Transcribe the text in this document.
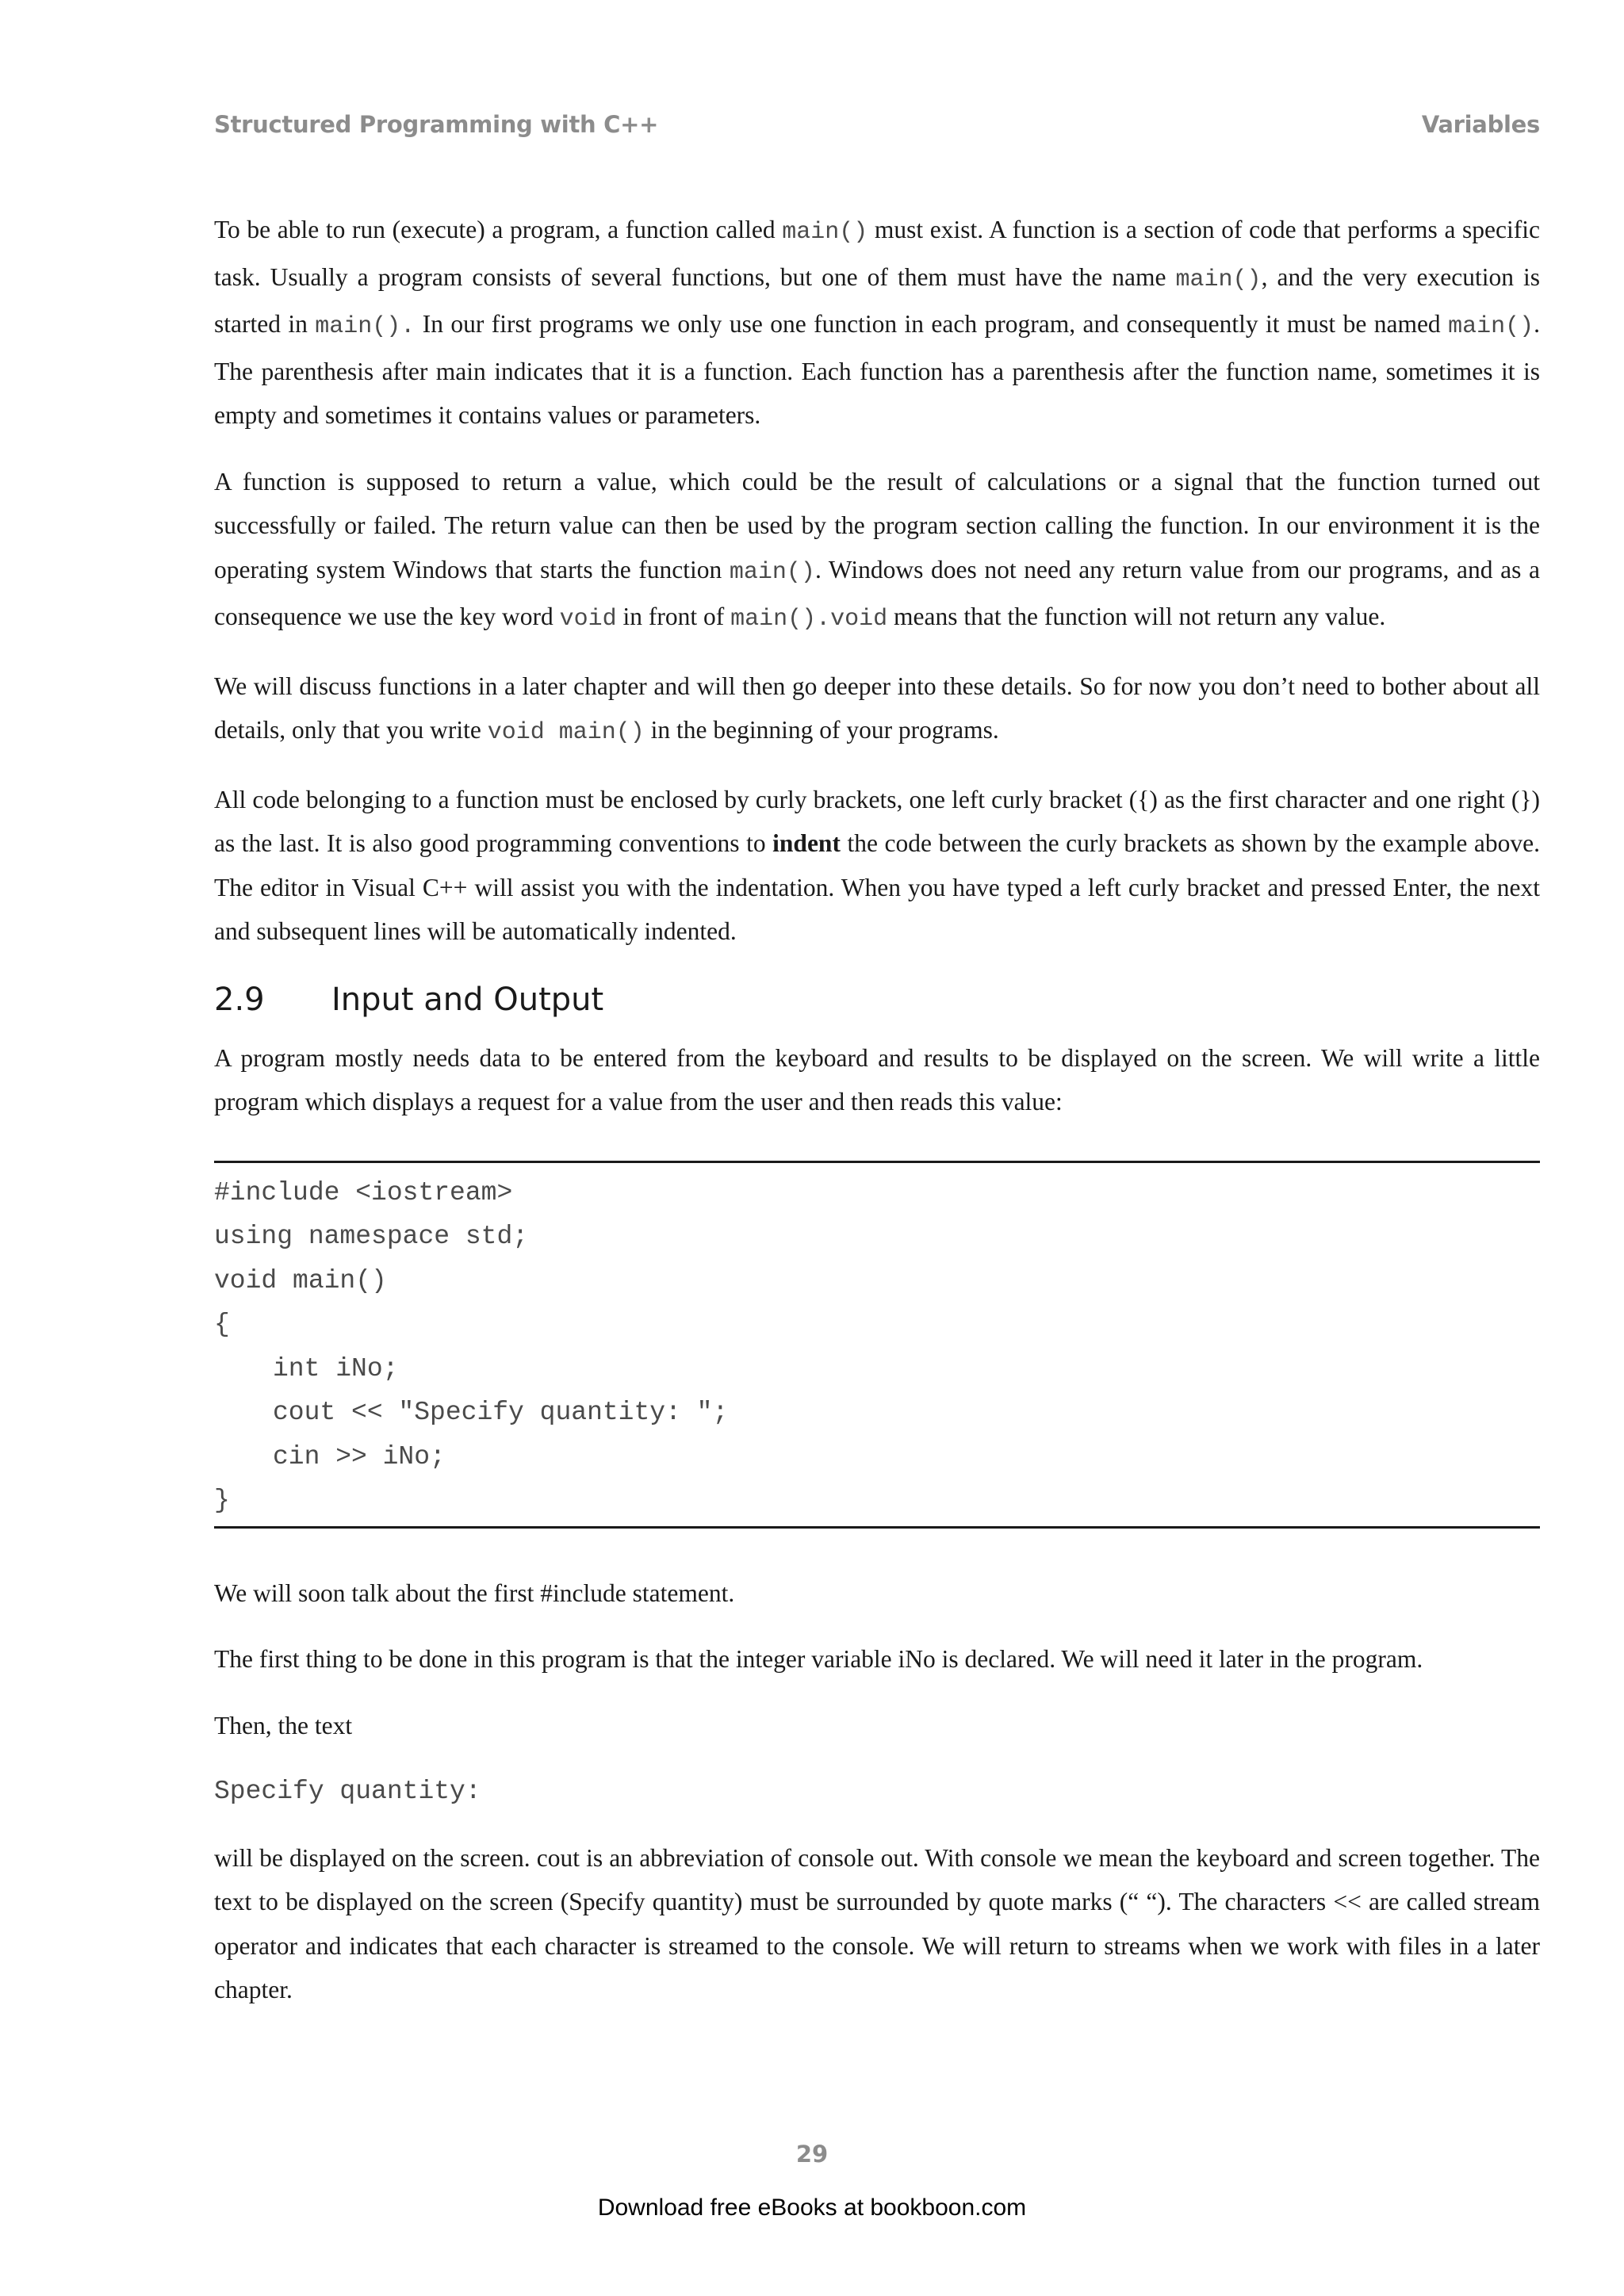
Structured Programming with C++	Variables

To be able to run (execute) a program, a function called main() must exist. A function is a section of code that performs a specific task. Usually a program consists of several functions, but one of them must have the name main(), and the very execution is started in main(). In our first programs we only use one function in each program, and consequently it must be named main(). The parenthesis after main indicates that it is a function. Each function has a parenthesis after the function name, sometimes it is empty and sometimes it contains values or parameters.

A function is supposed to return a value, which could be the result of calculations or a signal that the function turned out successfully or failed. The return value can then be used by the program section calling the function. In our environment it is the operating system Windows that starts the function main(). Windows does not need any return value from our programs, and as a consequence we use the key word void in front of main().void means that the function will not return any value.

We will discuss functions in a later chapter and will then go deeper into these details. So for now you don’t need to bother about all details, only that you write void main() in the beginning of your programs.

All code belonging to a function must be enclosed by curly brackets, one left curly bracket ({) as the first character and one right (}) as the last. It is also good programming conventions to indent the code between the curly brackets as shown by the example above. The editor in Visual C++ will assist you with the indentation. When you have typed a left curly bracket and pressed Enter, the next and subsequent lines will be automatically indented.

2.9	Input and Output

A program mostly needs data to be entered from the keyboard and results to be displayed on the screen. We will write a little program which displays a request for a value from the user and then reads this value:

#include <iostream>
using namespace std;
void main()
{
int iNo;
cout << "Specify quantity: ";
cin >> iNo;
}

We will soon talk about the first #include statement.

The first thing to be done in this program is that the integer variable iNo is declared. We will need it later in the program.

Then, the text

Specify quantity:

will be displayed on the screen. cout is an abbreviation of console out. With console we mean the keyboard and screen together. The text to be displayed on the screen (Specify quantity) must be surrounded by quote marks (“ “). The characters << are called stream operator and indicates that each character is streamed to the console. We will return to streams when we work with files in a later chapter.

29
Download free eBooks at bookboon.com
